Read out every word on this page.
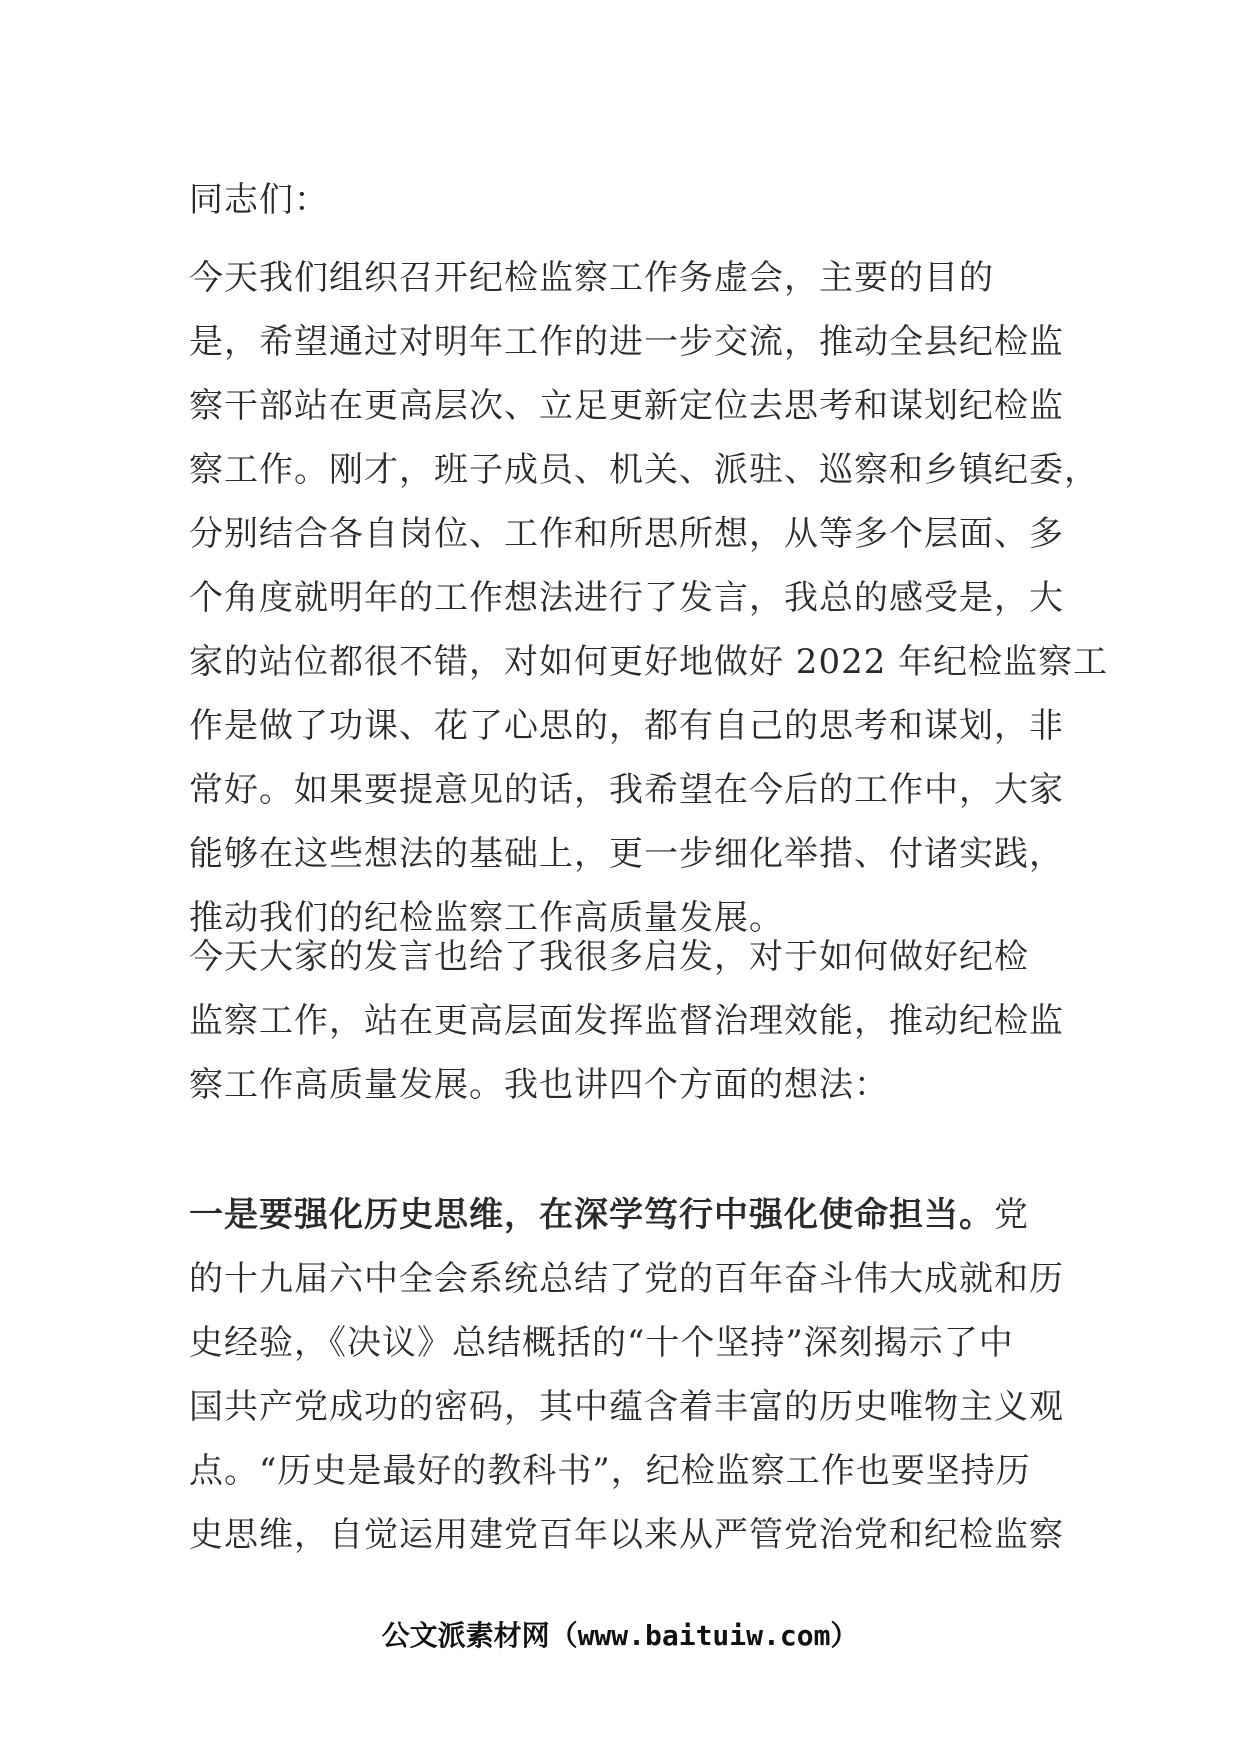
同志们：
今天我们组织召开纪检监察工作务虚会，主要的目的
是，希望通过对明年工作的进一步交流，推动全县纪检监
察干部站在更高层次、立足更新定位去思考和谋划纪检监
察工作。刚才，班子成员、机关、派驻、巡察和乡镇纪委，
分别结合各自岗位、工作和所思所想，从等多个层面、多
个角度就明年的工作想法进行了发言，我总的感受是，大
家的站位都很不错，对如何更好地做好 2022 年纪检监察工
作是做了功课、花了心思的，都有自己的思考和谋划，非
常好。如果要提意见的话，我希望在今后的工作中，大家
能够在这些想法的基础上，更一步细化举措、付诸实践，
推动我们的纪检监察工作高质量发展。
今天大家的发言也给了我很多启发，对于如何做好纪检
监察工作，站在更高层面发挥监督治理效能，推动纪检监
察工作高质量发展。我也讲四个方面的想法：
一是要强化历史思维，在深学笃行中强化使命担当。党
的十九届六中全会系统总结了党的百年奋斗伟大成就和历
史经验，《决议》总结概括的“十个坚持”深刻揭示了中
国共产党成功的密码，其中蕴含着丰富的历史唯物主义观
点。“历史是最好的教科书”，纪检监察工作也要坚持历
史思维，自觉运用建党百年以来从严管党治党和纪检监察
公文派素材网（www.baituiw.com）
